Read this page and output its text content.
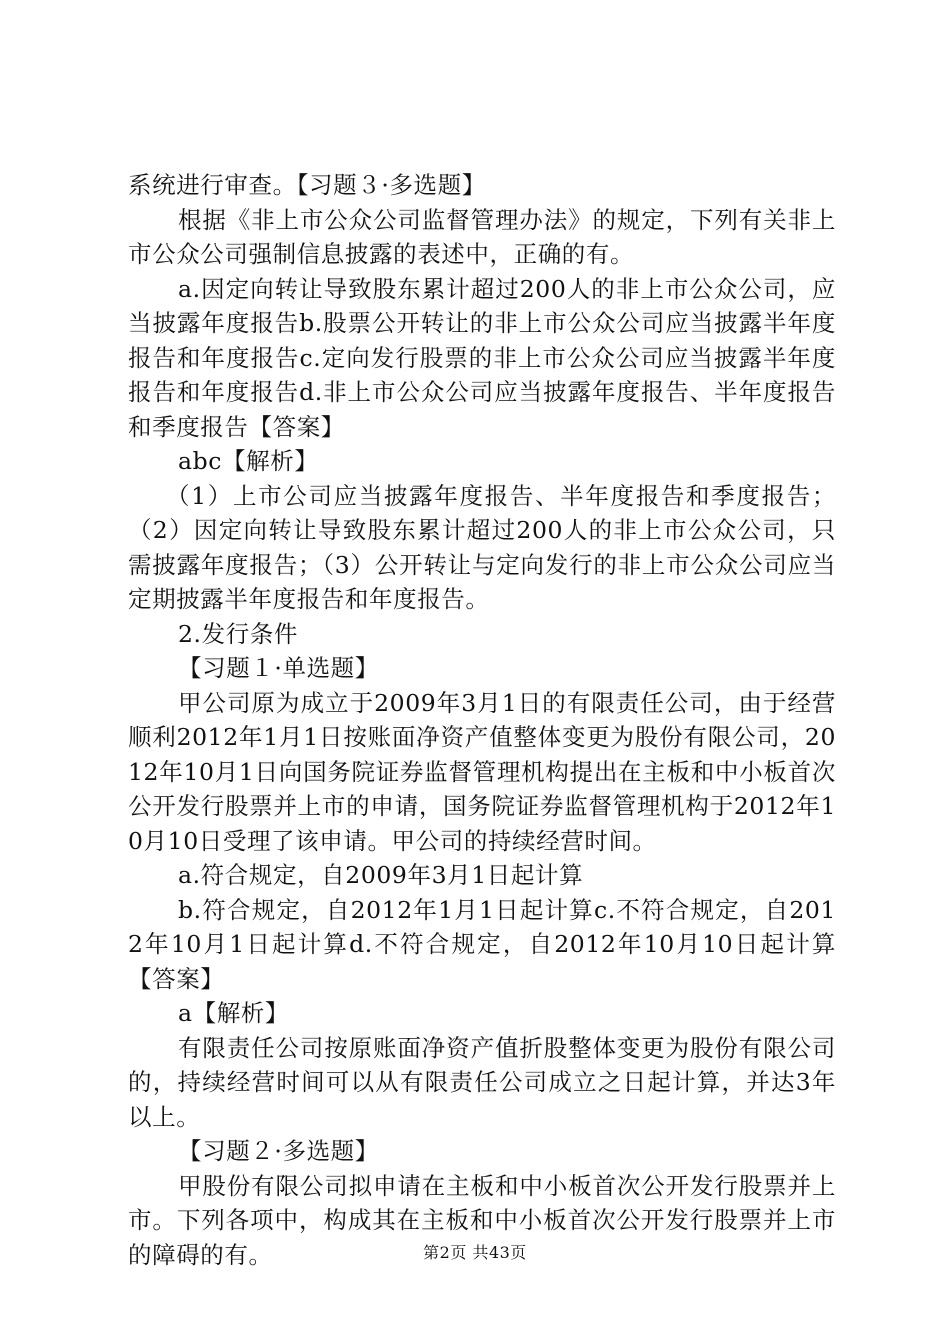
系统进行审查。【习题３·多选题】

根据《非上市公众公司监督管理办法》的规定，下列有关非上市公众公司强制信息披露的表述中，正确的有。

a.因定向转让导致股东累计超过200人的非上市公众公司，应当披露年度报告b.股票公开转让的非上市公众公司应当披露半年度报告和年度报告c.定向发行股票的非上市公众公司应当披露半年度报告和年度报告d.非上市公众公司应当披露年度报告、半年度报告和季度报告【答案】

abc【解析】

（1）上市公司应当披露年度报告、半年度报告和季度报告；（2）因定向转让导致股东累计超过200人的非上市公众公司，只需披露年度报告；（3）公开转让与定向发行的非上市公众公司应当定期披露半年度报告和年度报告。

2.发行条件

【习题１·单选题】

甲公司原为成立于2009年3月1日的有限责任公司，由于经营顺利2012年1月1日按账面净资产值整体变更为股份有限公司，2012年10月1日向国务院证券监督管理机构提出在主板和中小板首次公开发行股票并上市的申请，国务院证券监督管理机构于2012年10月10日受理了该申请。甲公司的持续经营时间。

a.符合规定，自2009年3月1日起计算

b.符合规定，自2012年1月1日起计算c.不符合规定，自2012年10月1日起计算d.不符合规定，自2012年10月10日起计算【答案】

a【解析】

有限责任公司按原账面净资产值折股整体变更为股份有限公司的，持续经营时间可以从有限责任公司成立之日起计算，并达3年以上。

【习题２·多选题】

甲股份有限公司拟申请在主板和中小板首次公开发行股票并上市。下列各项中，构成其在主板和中小板首次公开发行股票并上市的障碍的有。	第2页 共43页
